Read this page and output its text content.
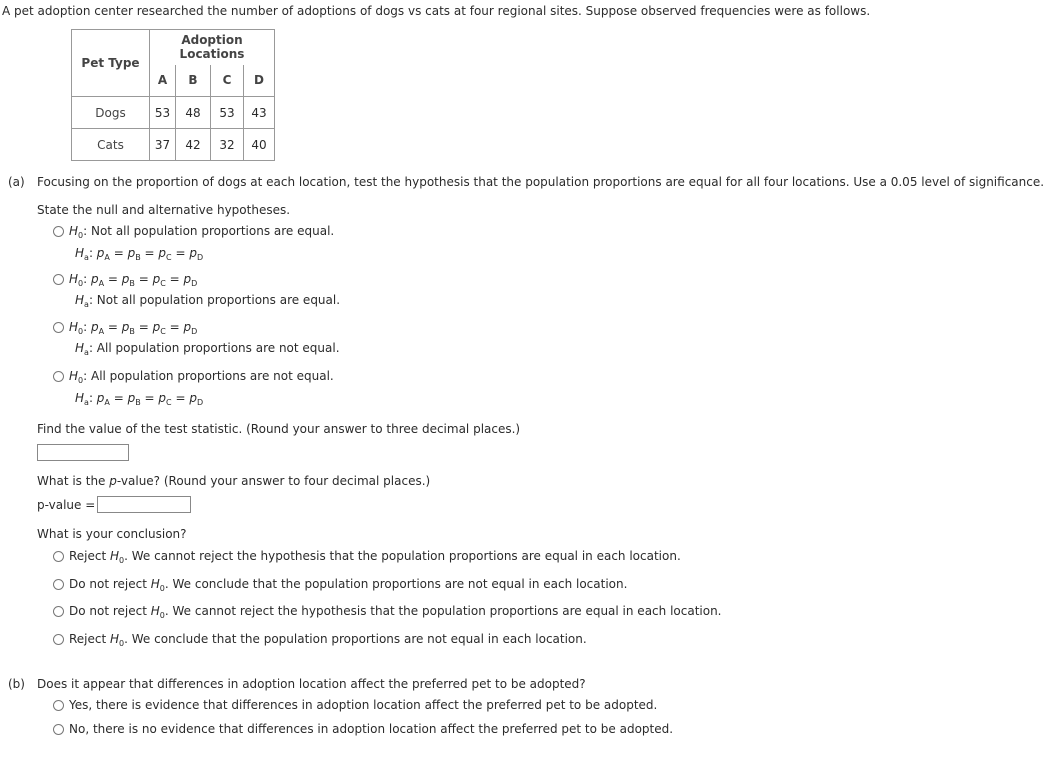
A pet adoption center researched the number of adoptions of dogs vs cats at four regional sites. Suppose observed frequencies were as follows.
Pet Type	Adoption Locations			
	A	B	C	D
Dogs	53	48	53	43
Cats	37	42	32	40
(a) Focusing on the proportion of dogs at each location, test the hypothesis that the population proportions are equal for all four locations. Use a 0.05 level of significance.
State the null and alternative hypotheses.
$H_0$: Not all population proportions are equal.
$H_a$: $p_A = p_B = p_C = p_D$
$H_0$: $p_A = p_B = p_C = p_D$
$H_a$: Not all population proportions are equal.
$H_0$: $p_A = p_B = p_C = p_D$
$H_a$: All population proportions are not equal.
$H_0$: All population proportions are not equal.
$H_a$: $p_A = p_B = p_C = p_D$
Find the value of the test statistic. (Round your answer to three decimal places.)
What is the p-value? (Round your answer to four decimal places.)
p-value =
What is your conclusion?
Reject $H_0$. We cannot reject the hypothesis that the population proportions are equal in each location.
Do not reject $H_0$. We conclude that the population proportions are not equal in each location.
Do not reject $H_0$. We cannot reject the hypothesis that the population proportions are equal in each location.
Reject $H_0$. We conclude that the population proportions are not equal in each location.
(b) Does it appear that differences in adoption location affect the preferred pet to be adopted?
Yes, there is evidence that differences in adoption location affect the preferred pet to be adopted.
No, there is no evidence that differences in adoption location affect the preferred pet to be adopted.
